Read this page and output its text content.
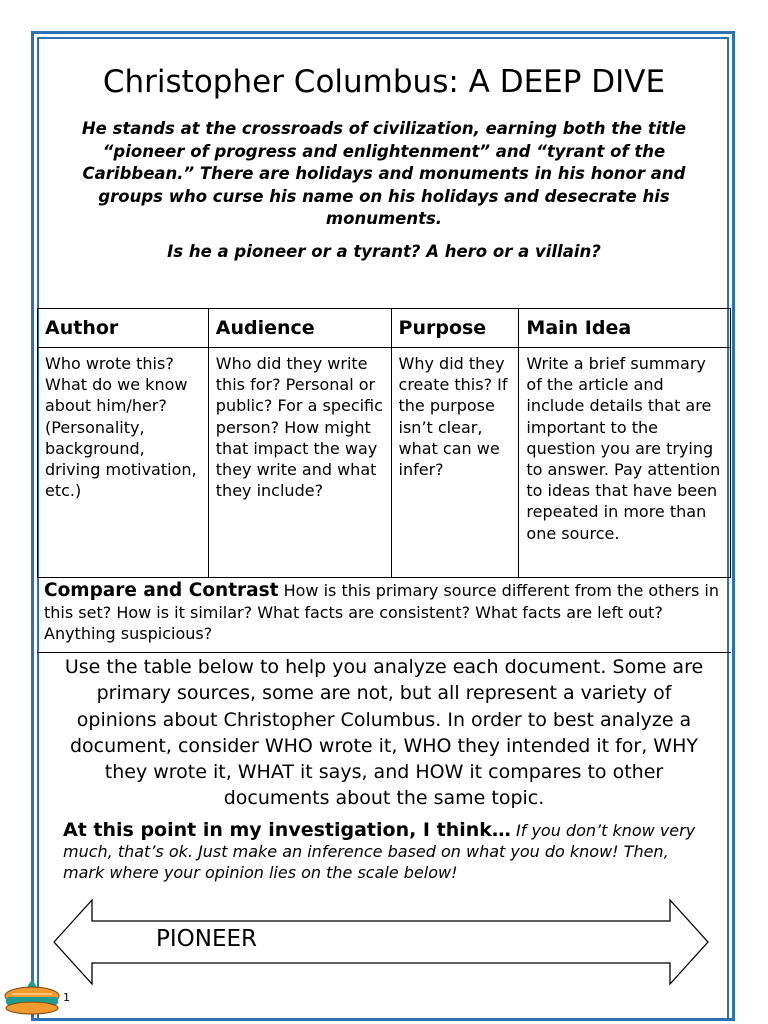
Christopher Columbus: A DEEP DIVE
He stands at the crossroads of civilization, earning both the title “pioneer of progress and enlightenment” and “tyrant of the Caribbean.” There are holidays and monuments in his honor and groups who curse his name on his holidays and desecrate his monuments.
Is he a pioneer or a tyrant? A hero or a villain?
Author	Audience	Purpose	Main Idea
Who wrote this? What do we know about him/her? (Personality, background, driving motivation, etc.)	Who did they write this for? Personal or public? For a specific person? How might that impact the way they write and what they include?	Why did they create this? If the purpose isn’t clear, what can we infer?	Write a brief summary of the article and include details that are important to the question you are trying to answer. Pay attention to ideas that have been repeated in more than one source.
Compare and Contrast How is this primary source different from the others in this set? How is it similar? What facts are consistent? What facts are left out? Anything suspicious?
Use the table below to help you analyze each document. Some are primary sources, some are not, but all represent a variety of opinions about Christopher Columbus. In order to best analyze a document, consider WHO wrote it, WHO they intended it for, WHY they wrote it, WHAT it says, and HOW it compares to other documents about the same topic.
At this point in my investigation, I think… If you don’t know very much, that’s ok. Just make an inference based on what you do know! Then, mark where your opinion lies on the scale below!
PIONEER
1
